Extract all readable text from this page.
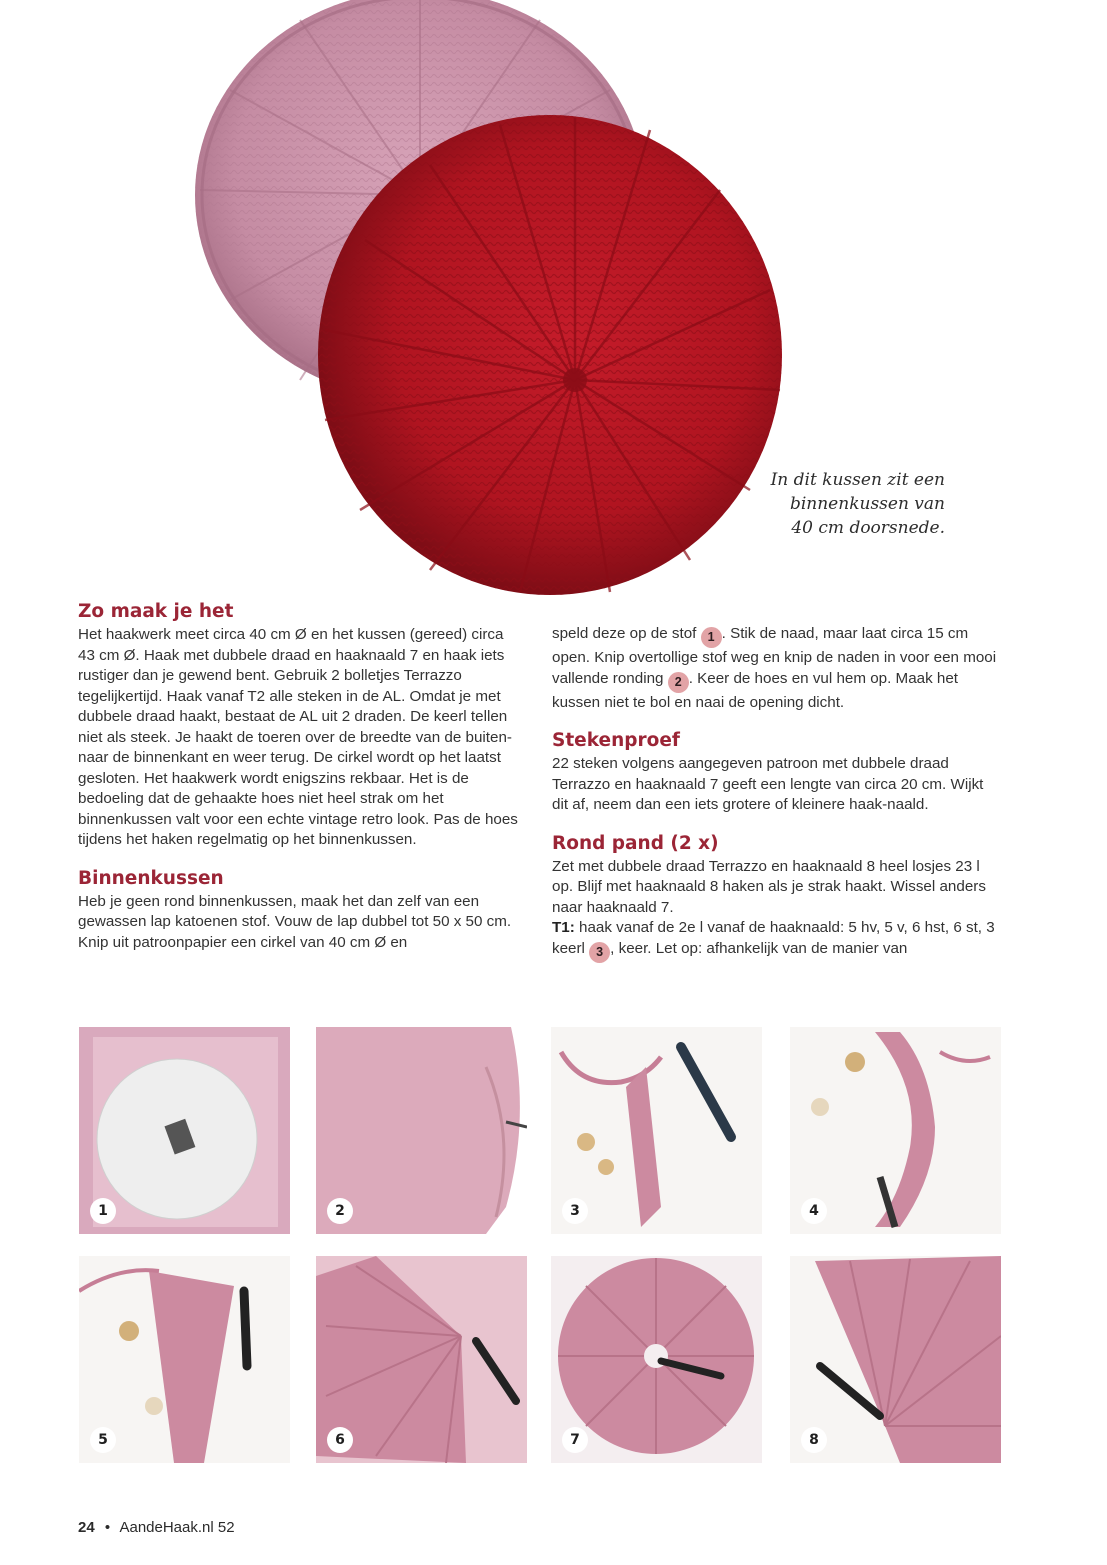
In dit kussen zit een
binnenkussen van
40 cm doorsnede.
Zo maak je het

Het haakwerk meet circa 40 cm Ø en het kussen (gereed) circa 43 cm Ø. Haak met dubbele draad en haaknaald 7 en haak iets rustiger dan je gewend bent. Gebruik 2 bolletjes Terrazzo tegelijkertijd. Haak vanaf T2 alle steken in de AL. Omdat je met dubbele draad haakt, bestaat de AL uit 2 draden. De keerl tellen niet als steek. Je haakt de toeren over de breedte van de buiten- naar de binnenkant en weer terug. De cirkel wordt op het laatst gesloten. Het haakwerk wordt enigszins rekbaar. Het is de bedoeling dat de gehaakte hoes niet heel strak om het binnenkussen valt voor een echte vintage retro look. Pas de hoes tijdens het haken regelmatig op het binnenkussen.

Binnenkussen

Heb je geen rond binnenkussen, maak het dan zelf van een gewassen lap katoenen stof. Vouw de lap dubbel tot 50 x 50 cm. Knip uit patroonpapier een cirkel van 40 cm Ø en

speld deze op de stof 1 . Stik de naad, maar laat circa 15 cm open. Knip overtollige stof weg en knip de naden in voor een mooi vallende ronding 2 . Keer de hoes en vul hem op. Maak het kussen niet te bol en naai de opening dicht.

Stekenproef

22 steken volgens aangegeven patroon met dubbele draad Terrazzo en haaknaald 7 geeft een lengte van circa 20 cm. Wijkt dit af, neem dan een iets grotere of kleinere haak-naald.

Rond pand (2 x)

Zet met dubbele draad Terrazzo en haaknaald 8 heel losjes 23 l op. Blijf met haaknaald 8 haken als je strak haakt. Wissel anders naar haaknaald 7.

T1: haak vanaf de 2e l vanaf de haaknaald: 5 hv, 5 v, 6 hst, 6 st, 3 keerl 3 , keer. Let op: afhankelijk van de manier van

1	2	3	4
5	6	7	8
24 • AandeHaak.nl 52
